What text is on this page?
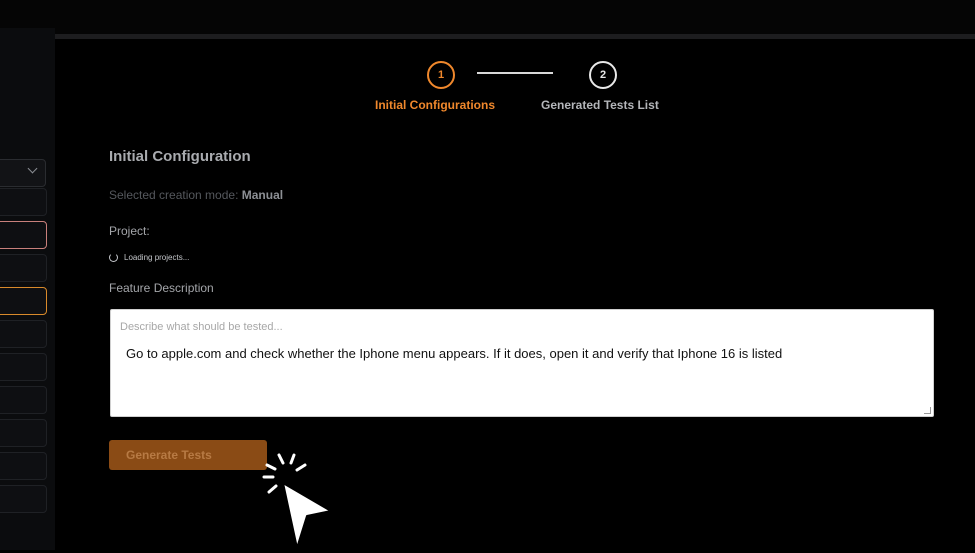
1	2
Initial Configurations	Generated Tests List
Initial Configuration
Selected creation mode: Manual
Project:
Loading projects...
Feature Description
Describe what should be tested...
Go to apple.com and check whether the Iphone menu appears. If it does, open it and verify that Iphone 16 is listed
Generate Tests
